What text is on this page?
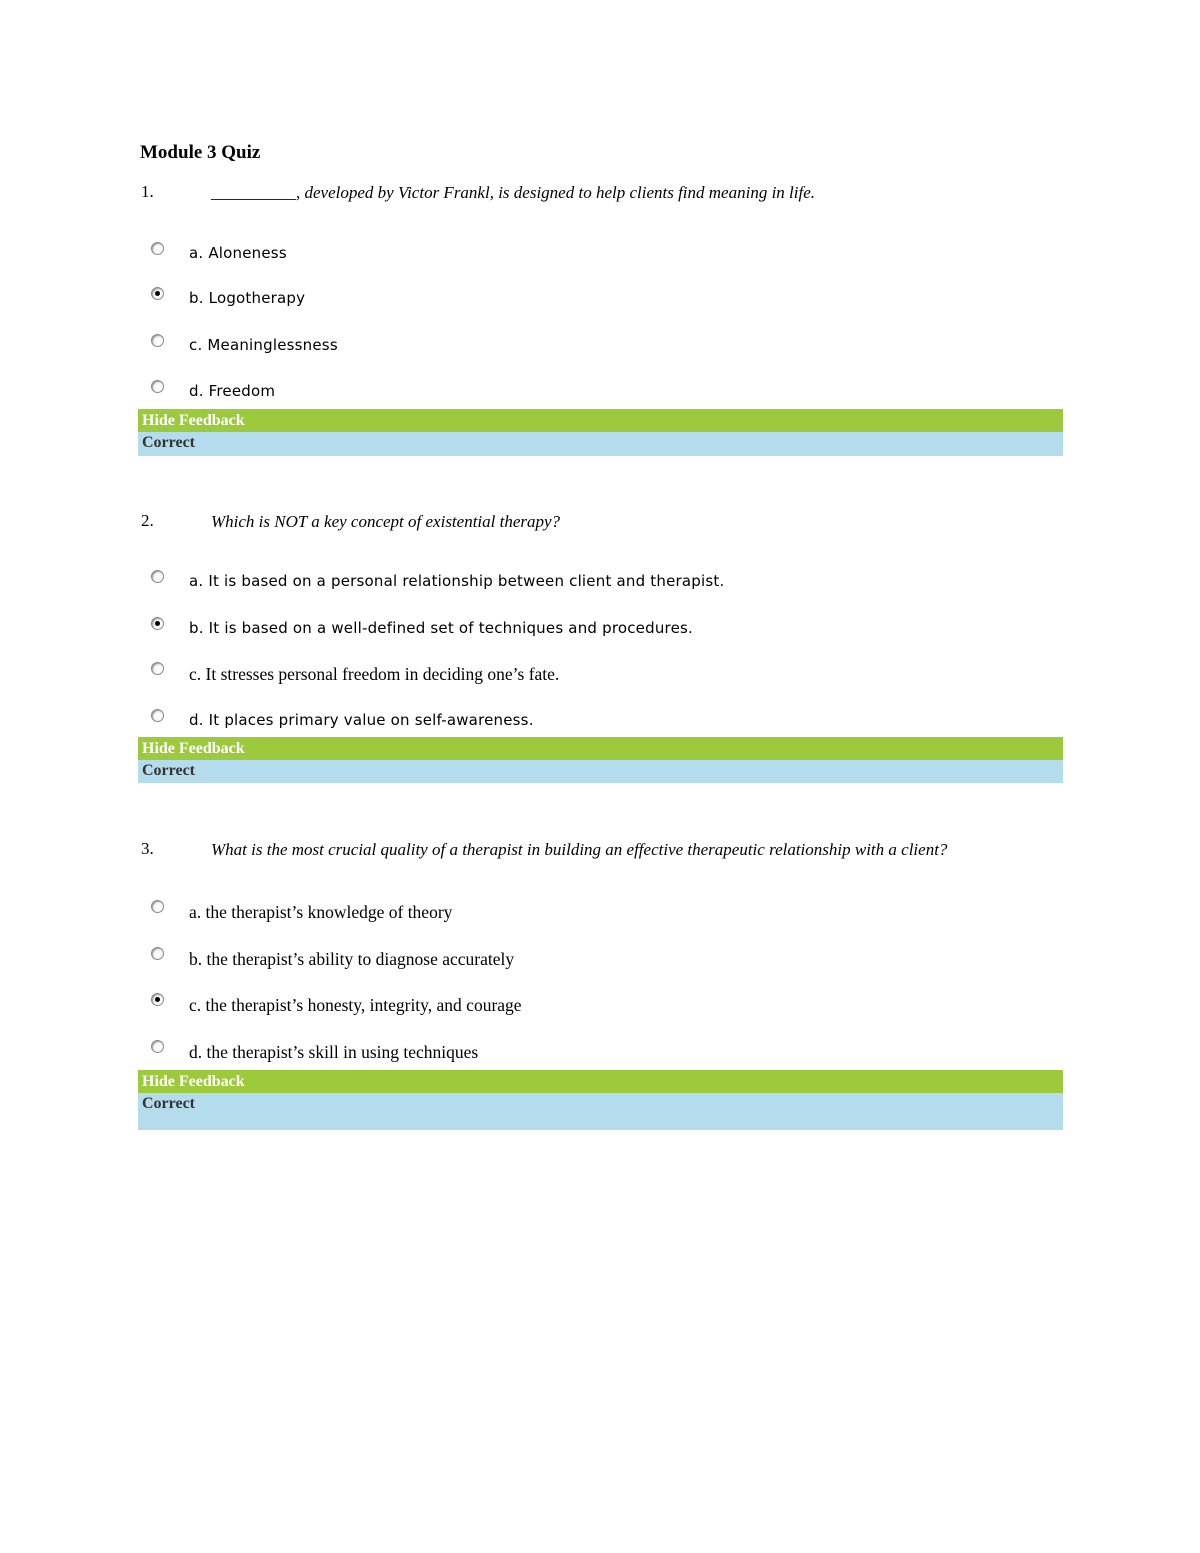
Module 3 Quiz
1.	__________, developed by Victor Frankl, is designed to help clients find meaning in life.
a. Aloneness
b. Logotherapy
c. Meaninglessness
d. Freedom
Hide Feedback
Correct
2.	Which is NOT a key concept of existential therapy?
a. It is based on a personal relationship between client and therapist.
b. It is based on a well-defined set of techniques and procedures.
c. It stresses personal freedom in deciding one’s fate.
d. It places primary value on self-awareness.
Hide Feedback
Correct
3.	What is the most crucial quality of a therapist in building an effective therapeutic relationship with a client?
a. the therapist’s knowledge of theory
b. the therapist’s ability to diagnose accurately
c. the therapist’s honesty, integrity, and courage
d. the therapist’s skill in using techniques
Hide Feedback
Correct
